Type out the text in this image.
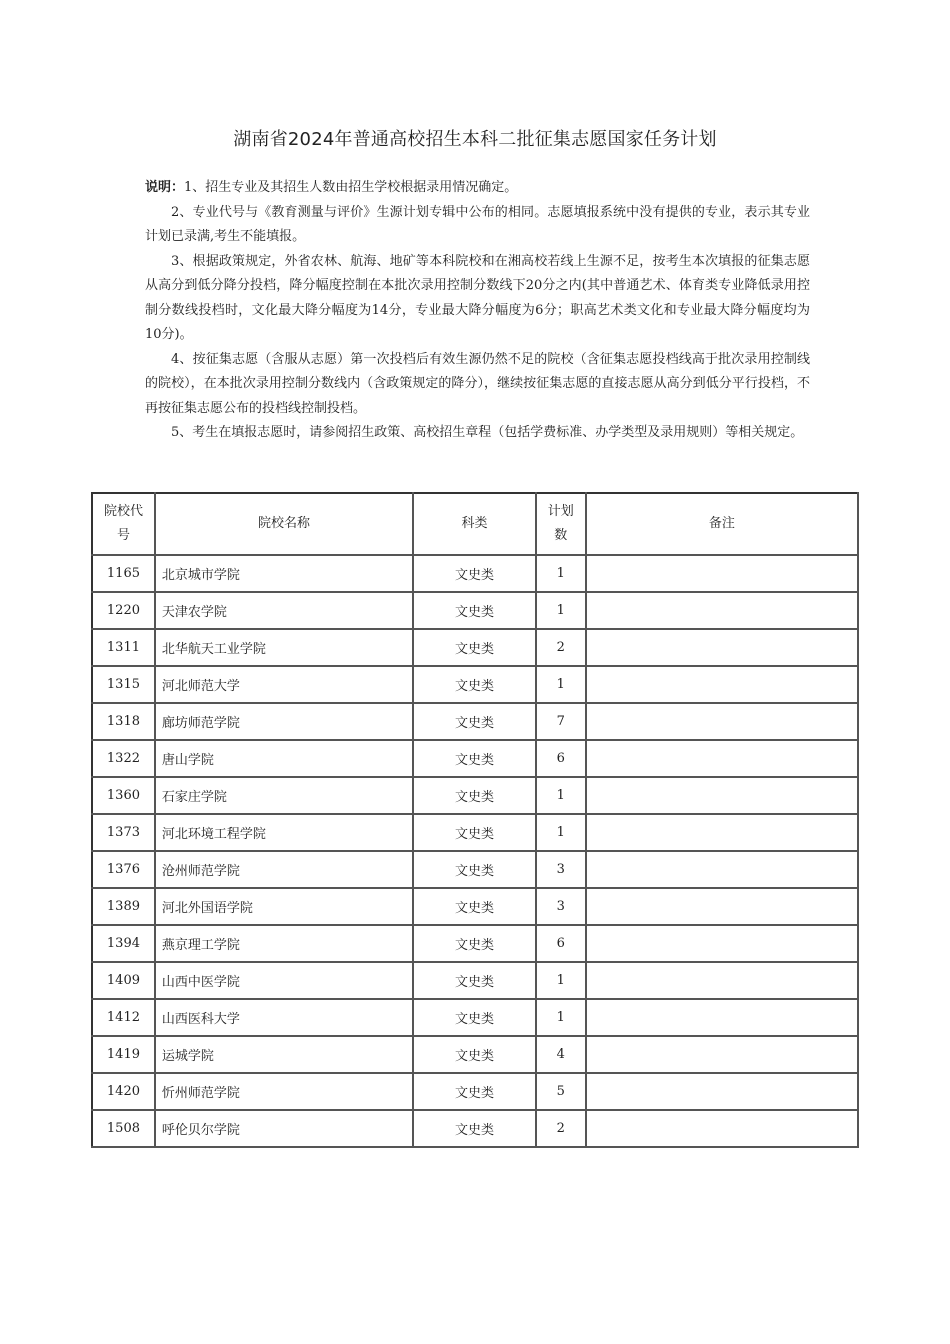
湖南省2024年普通高校招生本科二批征集志愿国家任务计划

说明：1、招生专业及其招生人数由招生学校根据录用情况确定。

2、专业代号与《教育测量与评价》生源计划专辑中公布的相同。志愿填报系统中没有提供的专业，表示其专业计划已录满,考生不能填报。

3、根据政策规定，外省农林、航海、地矿等本科院校和在湘高校若线上生源不足，按考生本次填报的征集志愿从高分到低分降分投档，降分幅度控制在本批次录用控制分数线下20分之内(其中普通艺术、体育类专业降低录用控制分数线投档时，文化最大降分幅度为14分，专业最大降分幅度为6分；职高艺术类文化和专业最大降分幅度均为10分)。

4、按征集志愿（含服从志愿）第一次投档后有效生源仍然不足的院校（含征集志愿投档线高于批次录用控制线的院校），在本批次录用控制分数线内（含政策规定的降分），继续按征集志愿的直接志愿从高分到低分平行投档，不再按征集志愿公布的投档线控制投档。

5、考生在填报志愿时，请参阅招生政策、高校招生章程（包括学费标准、办学类型及录用规则）等相关规定。

院校代
号	院校名称	科类	计划
数	备注
1165	北京城市学院	文史类	1	
1220	天津农学院	文史类	1	
1311	北华航天工业学院	文史类	2	
1315	河北师范大学	文史类	1	
1318	廊坊师范学院	文史类	7	
1322	唐山学院	文史类	6	
1360	石家庄学院	文史类	1	
1373	河北环境工程学院	文史类	1	
1376	沧州师范学院	文史类	3	
1389	河北外国语学院	文史类	3	
1394	燕京理工学院	文史类	6	
1409	山西中医学院	文史类	1	
1412	山西医科大学	文史类	1	
1419	运城学院	文史类	4	
1420	忻州师范学院	文史类	5	
1508	呼伦贝尔学院	文史类	2	
